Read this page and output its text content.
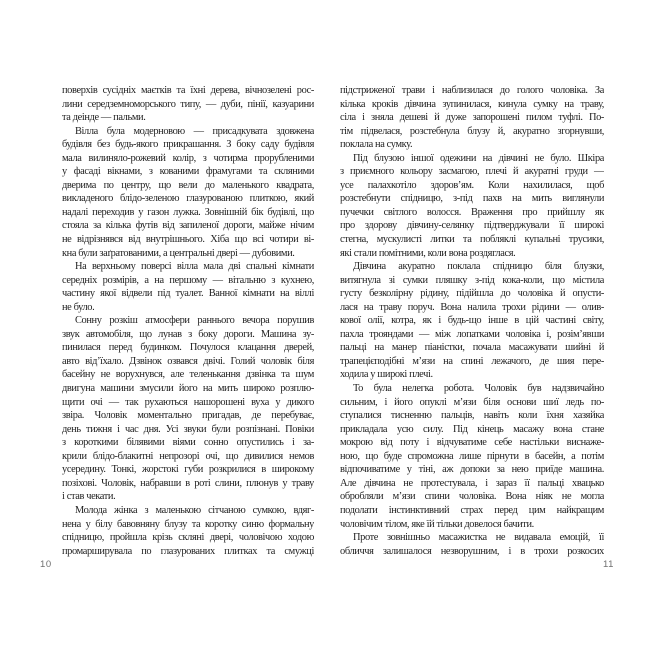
поверхів сусідніх маєтків та їхні дерева, вічнозелені рос-
лини середземноморського типу, — дуби, пінії, казуарини
та деінде — пальми.
Вілла була модерновою — присадкувата здовжена
будівля без будь-якого прикрашання. З боку саду будівля
мала вилиняло-рожевий колір, з чотирма прорубленими
у фасаді вікнами, з кованими фрамугами та скляними
дверима по центру, що вели до маленького квадрата,
викладеного блідо-зеленою глазурованою плиткою, який
надалі переходив у газон лужка. Зовнішній бік будівлі, що
стояла за кілька футів від запиленої дороги, майже нічим
не відрізнявся від внутрішнього. Хіба що всі чотири ві-
кна були заґратованими, а центральні двері — дубовими.
На верхньому поверсі вілла мала дві спальні кімнати
середніх розмірів, а на першому — вітальню з кухнею,
частину якої відвели під туалет. Ванної кімнати на віллі
не було.
Сонну розкіш атмосфери раннього вечора порушив
звук автомобіля, що лунав з боку дороги. Машина зу-
пинилася перед будинком. Почулося клацання дверей,
авто від’їхало. Дзвінок озвався двічі. Голий чоловік біля
басейну не ворухнувся, але теленькання дзвінка та шум
двигуна машини змусили його на мить широко розплю-
щити очі — так рухаються нашорошені вуха у дикого
звіра. Чоловік моментально пригадав, де перебуває,
день тижня і час дня. Усі звуки були розпізнані. Повіки
з короткими білявими віями сонно опустились і за-
крили блідо-блакитні непрозорі очі, що дивилися немов
усередину. Тонкі, жорстокі губи розкрилися в широкому
позіхові. Чоловік, набравши в роті слини, плюнув у траву
і став чекати.
Молода жінка з маленькою сітчаною сумкою, вдяг-
нена у білу бавовняну блузу та коротку синю формальну
спідницю, пройшла крізь скляні двері, чоловічою ходою
промарширувала по глазурованих плитках та смужці
10
підстриженої трави і наблизилася до голого чоловіка. За
кілька кроків дівчина зупинилася, кинула сумку на траву,
сіла і зняла дешеві й дуже запорошені пилом туфлі. По-
тім підвелася, розстебнула блузу й, акуратно згорнувши,
поклала на сумку.
Під блузою іншої одежини на дівчині не було. Шкіра
з приємного кольору засмагою, плечі й акуратні груди —
усе палахкотіло здоров’ям. Коли нахилилася, щоб
розстебнути спідницю, з-під пахв на мить виглянули
пучечки світлого волосся. Враження про прийшлу як
про здорову дівчину-селянку підтверджували її широкі
стегна, мускулисті литки та побляклі купальні трусики,
які стали помітними, коли вона роздяглася.
Дівчина акуратно поклала спідницю біля блузки,
витягнула зі сумки пляшку з-під кока-коли, що містила
густу безколірну рідину, підійшла до чоловіка й опусти-
лася на траву поруч. Вона налила трохи рідини — олив-
кової олії, котра, як і будь-що інше в цій частині світу,
пахла трояндами — між лопатками чоловіка і, розім’явши
пальці на манер піаністки, почала масажувати шийні й
трапецієподібні м’язи на спині лежачого, де шия пере-
ходила у широкі плечі.
То була нелегка робота. Чоловік був надзвичайно
сильним, і його опуклі м’язи біля основи шиї ледь по-
ступалися тисненню пальців, навіть коли їхня хазяйка
прикладала усю силу. Під кінець масажу вона стане
мокрою від поту і відчуватиме себе настільки виснаже-
ною, що буде спроможна лише пірнути в басейн, а потім
відпочиватиме у тіні, аж допоки за нею приїде машина.
Але дівчина не протестувала, і зараз її пальці хвацько
обробляли м’язи спини чоловіка. Вона ніяк не могла
подолати інстинктивний страх перед цим найкращим
чоловічим тілом, яке їй тільки довелося бачити.
Проте зовнішньо масажистка не видавала емоцій, її
обличчя залишалося незворушним, і в трохи розкосих
11
